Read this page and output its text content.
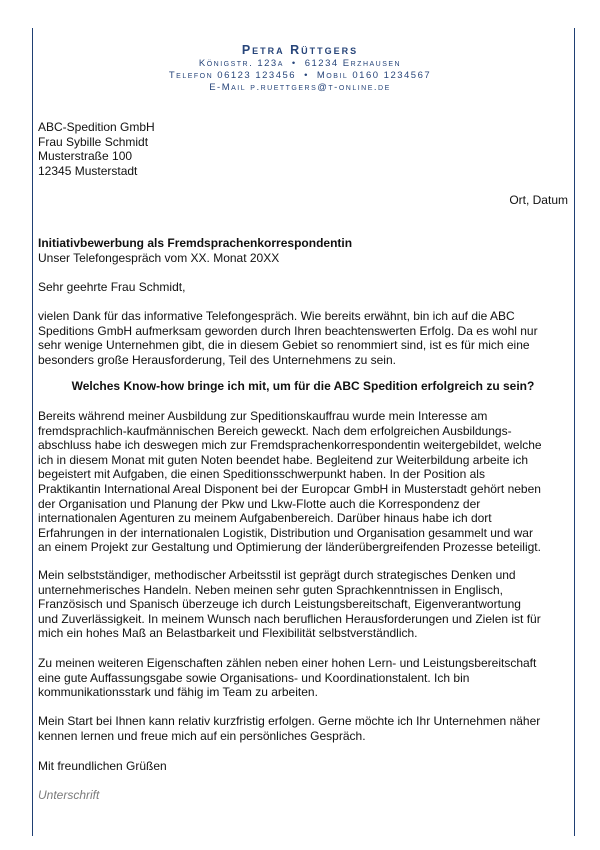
Petra Rüttgers
Königstr. 123a • 61234 Erzhausen
Telefon 06123 123456 • Mobil 0160 1234567
E-Mail p.ruettgers@t-online.de
ABC-Spedition GmbH
Frau Sybille Schmidt
Musterstraße 100
12345 Musterstadt
Ort, Datum
Initiativbewerbung als Fremdsprachenkorrespondentin
Unser Telefongespräch vom XX. Monat 20XX
Sehr geehrte Frau Schmidt,
vielen Dank für das informative Telefongespräch. Wie bereits erwähnt, bin ich auf die ABC
Speditions GmbH aufmerksam geworden durch Ihren beachtenswerten Erfolg. Da es wohl nur
sehr wenige Unternehmen gibt, die in diesem Gebiet so renommiert sind, ist es für mich eine
besonders große Herausforderung, Teil des Unternehmens zu sein.
Welches Know-how bringe ich mit, um für die ABC Spedition erfolgreich zu sein?
Bereits während meiner Ausbildung zur Speditionskauffrau wurde mein Interesse am
fremdsprachlich-kaufmännischen Bereich geweckt. Nach dem erfolgreichen Ausbildungs-
abschluss habe ich deswegen mich zur Fremdsprachenkorrespondentin weitergebildet, welche
ich in diesem Monat mit guten Noten beendet habe. Begleitend zur Weiterbildung arbeite ich
begeistert mit Aufgaben, die einen Speditionsschwerpunkt haben. In der Position als
Praktikantin International Areal Disponent bei der Europcar GmbH in Musterstadt gehört neben
der Organisation und Planung der Pkw und Lkw-Flotte auch die Korrespondenz der
internationalen Agenturen zu meinem Aufgabenbereich. Darüber hinaus habe ich dort
Erfahrungen in der internationalen Logistik, Distribution und Organisation gesammelt und war
an einem Projekt zur Gestaltung und Optimierung der länderübergreifenden Prozesse beteiligt.
Mein selbstständiger, methodischer Arbeitsstil ist geprägt durch strategisches Denken und
unternehmerisches Handeln. Neben meinen sehr guten Sprachkenntnissen in Englisch,
Französisch und Spanisch überzeuge ich durch Leistungsbereitschaft, Eigenverantwortung
und Zuverlässigkeit. In meinem Wunsch nach beruflichen Herausforderungen und Zielen ist für
mich ein hohes Maß an Belastbarkeit und Flexibilität selbstverständlich.
Zu meinen weiteren Eigenschaften zählen neben einer hohen Lern- und Leistungsbereitschaft
eine gute Auffassungsgabe sowie Organisations- und Koordinationstalent. Ich bin
kommunikationsstark und fähig im Team zu arbeiten.
Mein Start bei Ihnen kann relativ kurzfristig erfolgen. Gerne möchte ich Ihr Unternehmen näher
kennen lernen und freue mich auf ein persönliches Gespräch.
Mit freundlichen Grüßen
Unterschrift
